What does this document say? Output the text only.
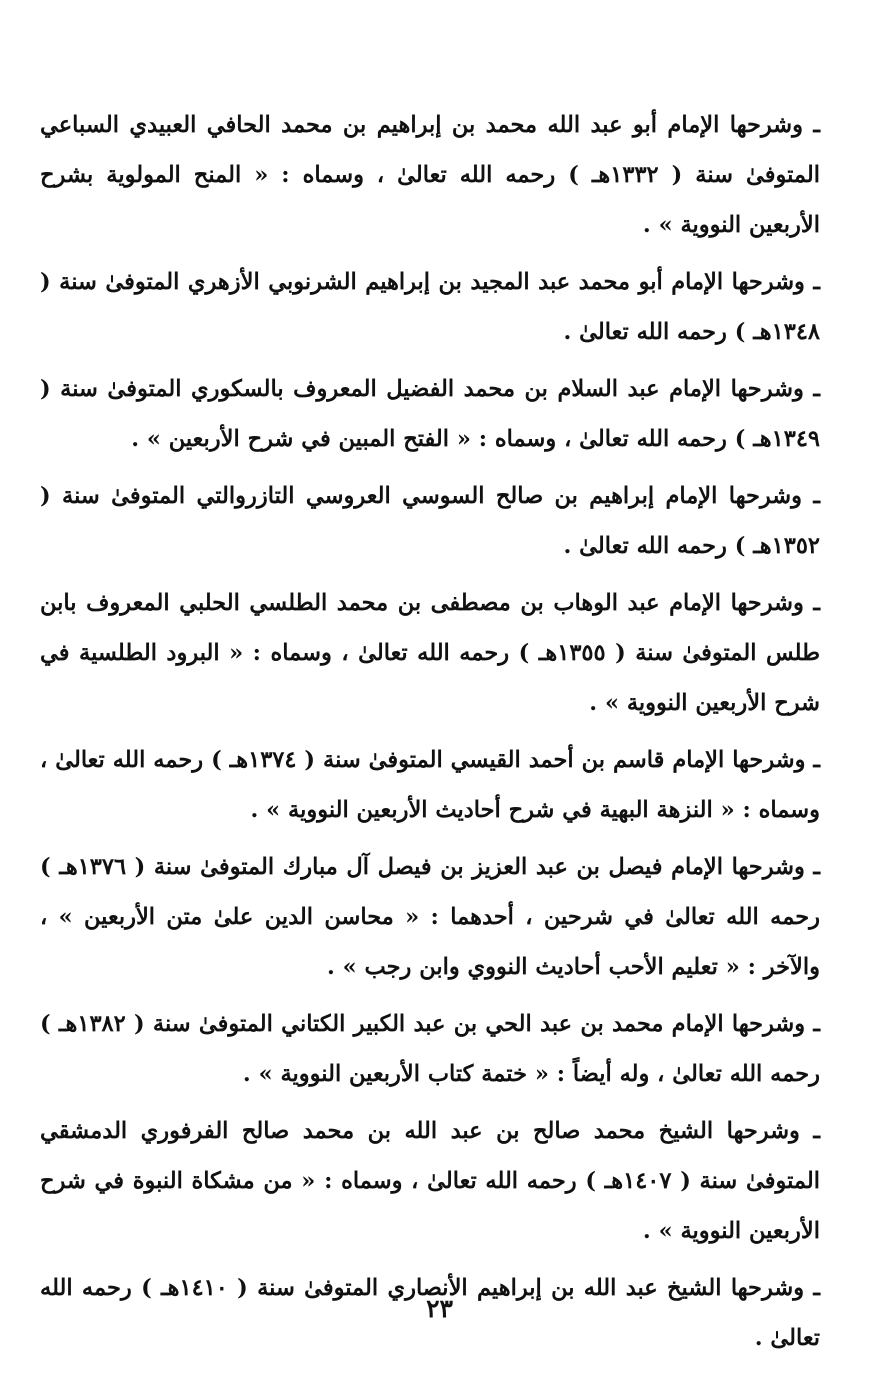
ـ وشرحها الإمام أبو عبد الله محمد بن إبراهيم بن محمد الحافي العبيدي السباعي المتوفىٰ سنة ( ١٣٣٢هـ ) رحمه الله تعالىٰ ، وسماه : « المنح المولوية بشرح الأربعين النووية » .

ـ وشرحها الإمام أبو محمد عبد المجيد بن إبراهيم الشرنوبي الأزهري المتوفىٰ سنة ( ١٣٤٨هـ ) رحمه الله تعالىٰ .

ـ وشرحها الإمام عبد السلام بن محمد الفضيل المعروف بالسكوري المتوفىٰ سنة ( ١٣٤٩هـ ) رحمه الله تعالىٰ ، وسماه : « الفتح المبين في شرح الأربعين » .

ـ وشرحها الإمام إبراهيم بن صالح السوسي العروسي التازروالتي المتوفىٰ سنة ( ١٣٥٢هـ ) رحمه الله تعالىٰ .

ـ وشرحها الإمام عبد الوهاب بن مصطفى بن محمد الطلسي الحلبي المعروف بابن طلس المتوفىٰ سنة ( ١٣٥٥هـ ) رحمه الله تعالىٰ ، وسماه : « البرود الطلسية في شرح الأربعين النووية » .

ـ وشرحها الإمام قاسم بن أحمد القيسي المتوفىٰ سنة ( ١٣٧٤هـ ) رحمه الله تعالىٰ ، وسماه : « النزهة البهية في شرح أحاديث الأربعين النووية » .

ـ وشرحها الإمام فيصل بن عبد العزيز بن فيصل آل مبارك المتوفىٰ سنة ( ١٣٧٦هـ ) رحمه الله تعالىٰ في شرحين ، أحدهما : « محاسن الدين علىٰ متن الأربعين » ، والآخر : « تعليم الأحب أحاديث النووي وابن رجب » .

ـ وشرحها الإمام محمد بن عبد الحي بن عبد الكبير الكتاني المتوفىٰ سنة ( ١٣٨٢هـ ) رحمه الله تعالىٰ ، وله أيضاً : « ختمة كتاب الأربعين النووية » .

ـ وشرحها الشيخ محمد صالح بن عبد الله بن محمد صالح الفرفوري الدمشقي المتوفىٰ سنة ( ١٤٠٧هـ ) رحمه الله تعالىٰ ، وسماه : « من مشكاة النبوة في شرح الأربعين النووية » .

ـ وشرحها الشيخ عبد الله بن إبراهيم الأنصاري المتوفىٰ سنة ( ١٤١٠هـ ) رحمه الله تعالىٰ .

٢٣
